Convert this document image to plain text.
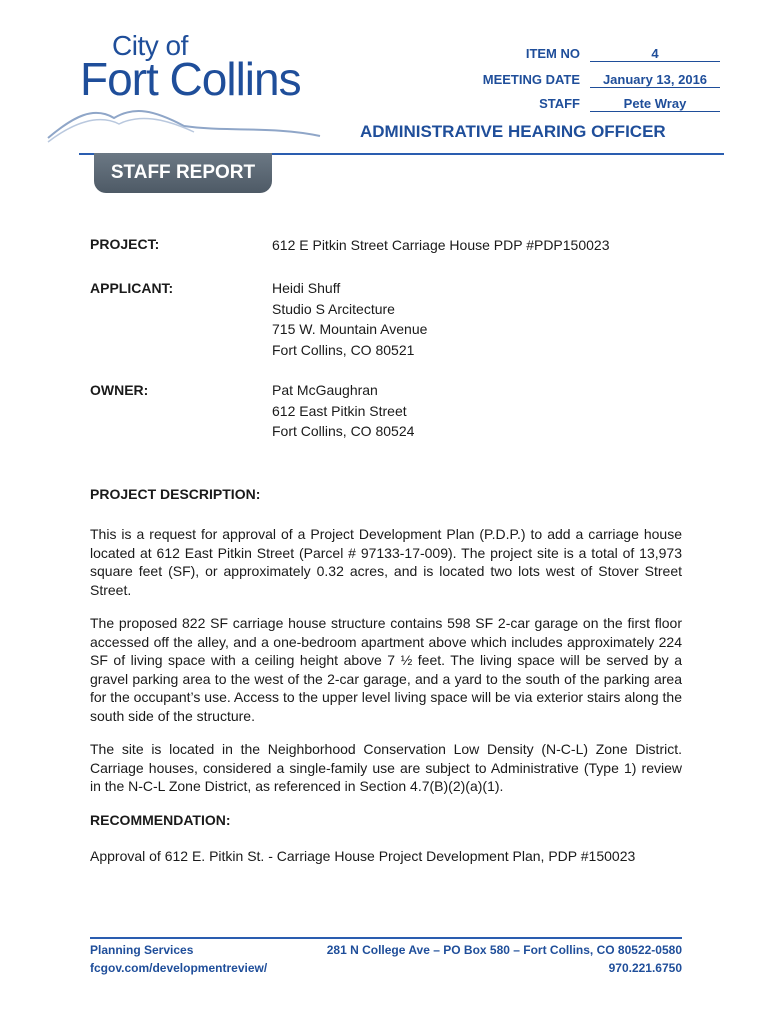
City of
Fort Collins	ITEM NO	4
MEETING DATE	January 13, 2016
STAFF	Pete Wray
ADMINISTRATIVE HEARING OFFICER
STAFF REPORT
PROJECT:	612 E Pitkin Street Carriage House PDP #PDP150023
APPLICANT:	Heidi Shuff
Studio S Arcitecture
715 W. Mountain Avenue
Fort Collins, CO 80521
OWNER:	Pat McGaughran
612 East Pitkin Street
Fort Collins, CO 80524
PROJECT DESCRIPTION:

This is a request for approval of a Project Development Plan (P.D.P.) to add a carriage house located at 612 East Pitkin Street (Parcel # 97133-17-009). The project site is a total of 13,973 square feet (SF), or approximately 0.32 acres, and is located two lots west of Stover Street Street.

The proposed 822 SF carriage house structure contains 598 SF 2-car garage on the first floor accessed off the alley, and a one-bedroom apartment above which includes approximately 224 SF of living space with a ceiling height above 7 ½ feet. The living space will be served by a gravel parking area to the west of the 2-car garage, and a yard to the south of the parking area for the occupant’s use. Access to the upper level living space will be via exterior stairs along the south side of the structure.

The site is located in the Neighborhood Conservation Low Density (N-C-L) Zone District. Carriage houses, considered a single-family use are subject to Administrative (Type 1) review in the N-C-L Zone District, as referenced in Section 4.7(B)(2)(a)(1).

RECOMMENDATION:

Approval of 612 E. Pitkin St. - Carriage House Project Development Plan, PDP #150023

Planning Services
fcgov.com/developmentreview/
281 N College Ave – PO Box 580 – Fort Collins, CO 80522-0580
970.221.6750
